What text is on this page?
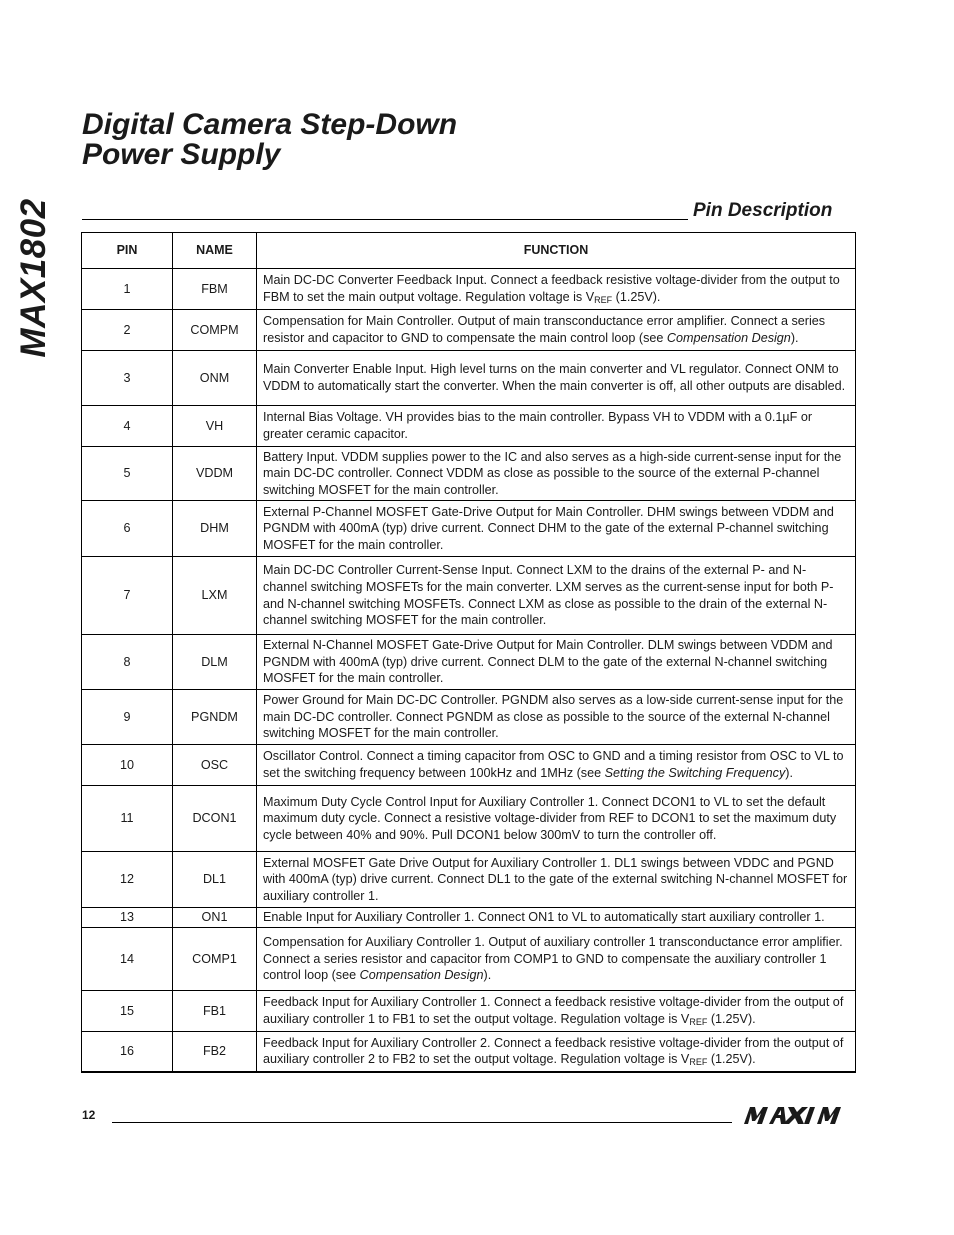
MAX1802
Digital Camera Step-Down
Power Supply
Pin Description
PIN	NAME	FUNCTION
1	FBM	Main DC-DC Converter Feedback Input. Connect a feedback resistive voltage-divider from the output to FBM to set the main output voltage. Regulation voltage is $V_{REF}$ (1.25V).
2	COMPM	Compensation for Main Controller. Output of main transconductance error amplifier. Connect a series resistor and capacitor to GND to compensate the main control loop (see Compensation Design).
3	ONM	Main Converter Enable Input. High level turns on the main converter and VL regulator. Connect ONM to VDDM to automatically start the converter. When the main converter is off, all other outputs are disabled.
4	VH	Internal Bias Voltage. VH provides bias to the main controller. Bypass VH to VDDM with a 0.1µF or greater ceramic capacitor.
5	VDDM	Battery Input. VDDM supplies power to the IC and also serves as a high-side current-sense input for the main DC-DC controller. Connect VDDM as close as possible to the source of the external P-channel switching MOSFET for the main controller.
6	DHM	External P-Channel MOSFET Gate-Drive Output for Main Controller. DHM swings between VDDM and PGNDM with 400mA (typ) drive current. Connect DHM to the gate of the external P-channel switching MOSFET for the main controller.
7	LXM	Main DC-DC Controller Current-Sense Input. Connect LXM to the drains of the external P- and N-channel switching MOSFETs for the main converter. LXM serves as the current-sense input for both P- and N-channel switching MOSFETs. Connect LXM as close as possible to the drain of the external N-channel switching MOSFET for the main controller.
8	DLM	External N-Channel MOSFET Gate-Drive Output for Main Controller. DLM swings between VDDM and PGNDM with 400mA (typ) drive current. Connect DLM to the gate of the external N-channel switching MOSFET for the main controller.
9	PGNDM	Power Ground for Main DC-DC Controller. PGNDM also serves as a low-side current-sense input for the main DC-DC controller. Connect PGNDM as close as possible to the source of the external N-channel switching MOSFET for the main controller.
10	OSC	Oscillator Control. Connect a timing capacitor from OSC to GND and a timing resistor from OSC to VL to set the switching frequency between 100kHz and 1MHz (see Setting the Switching Frequency).
11	DCON1	Maximum Duty Cycle Control Input for Auxiliary Controller 1. Connect DCON1 to VL to set the default maximum duty cycle. Connect a resistive voltage-divider from REF to DCON1 to set the maximum duty cycle between 40% and 90%. Pull DCON1 below 300mV to turn the controller off.
12	DL1	External MOSFET Gate Drive Output for Auxiliary Controller 1. DL1 swings between VDDC and PGND with 400mA (typ) drive current. Connect DL1 to the gate of the external switching N-channel MOSFET for auxiliary controller 1.
13	ON1	Enable Input for Auxiliary Controller 1. Connect ON1 to VL to automatically start auxiliary controller 1.
14	COMP1	Compensation for Auxiliary Controller 1. Output of auxiliary controller 1 transconductance error amplifier. Connect a series resistor and capacitor from COMP1 to GND to compensate the auxiliary controller 1 control loop (see Compensation Design).
15	FB1	Feedback Input for Auxiliary Controller 1. Connect a feedback resistive voltage-divider from the output of auxiliary controller 1 to FB1 to set the output voltage. Regulation voltage is $V_{REF}$ (1.25V).
16	FB2	Feedback Input for Auxiliary Controller 2. Connect a feedback resistive voltage-divider from the output of auxiliary controller 2 to FB2 to set the output voltage. Regulation voltage is $V_{REF}$ (1.25V).
12
